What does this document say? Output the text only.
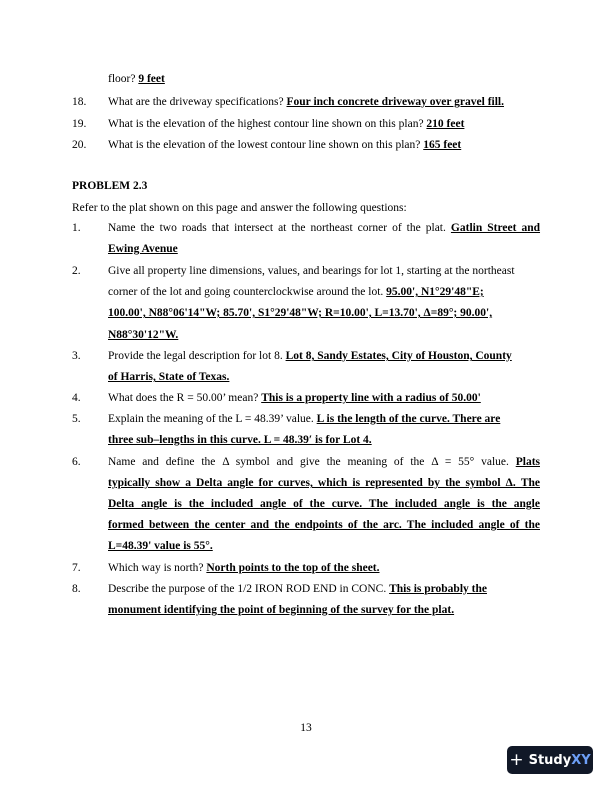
floor? 9 feet
18. What are the driveway specifications? Four inch concrete driveway over gravel fill.
19. What is the elevation of the highest contour line shown on this plan? 210 feet
20. What is the elevation of the lowest contour line shown on this plan? 165 feet
PROBLEM 2.3
Refer to the plat shown on this page and answer the following questions:
1. Name the two roads that intersect at the northeast corner of the plat. Gatlin Street and
Ewing Avenue
2. Give all property line dimensions, values, and bearings for lot 1, starting at the northeast
corner of the lot and going counterclockwise around the lot. 95.00', N1°29'48"E;
100.00', N88°06'14"W; 85.70', S1°29'48"W; R=10.00', L=13.70', Δ=89°; 90.00',
N88°30'12"W.
3. Provide the legal description for lot 8. Lot 8, Sandy Estates, City of Houston, County
of Harris, State of Texas.
4. What does the R = 50.00’ mean? This is a property line with a radius of 50.00'
5. Explain the meaning of the L = 48.39’ value. L is the length of the curve. There are
three sub–lengths in this curve. L = 48.39′ is for Lot 4.
6. Name and define the Δ symbol and give the meaning of the Δ = 55° value. Plats
typically show a Delta angle for curves, which is represented by the symbol Δ. The
Delta angle is the included angle of the curve. The included angle is the angle
formed between the center and the endpoints of the arc. The included angle of the
L=48.39' value is 55°.
7. Which way is north? North points to the top of the sheet.
8. Describe the purpose of the 1/2 IRON ROD END in CONC. This is probably the
monument identifying the point of beginning of the survey for the plat.
13
+ Study XY
